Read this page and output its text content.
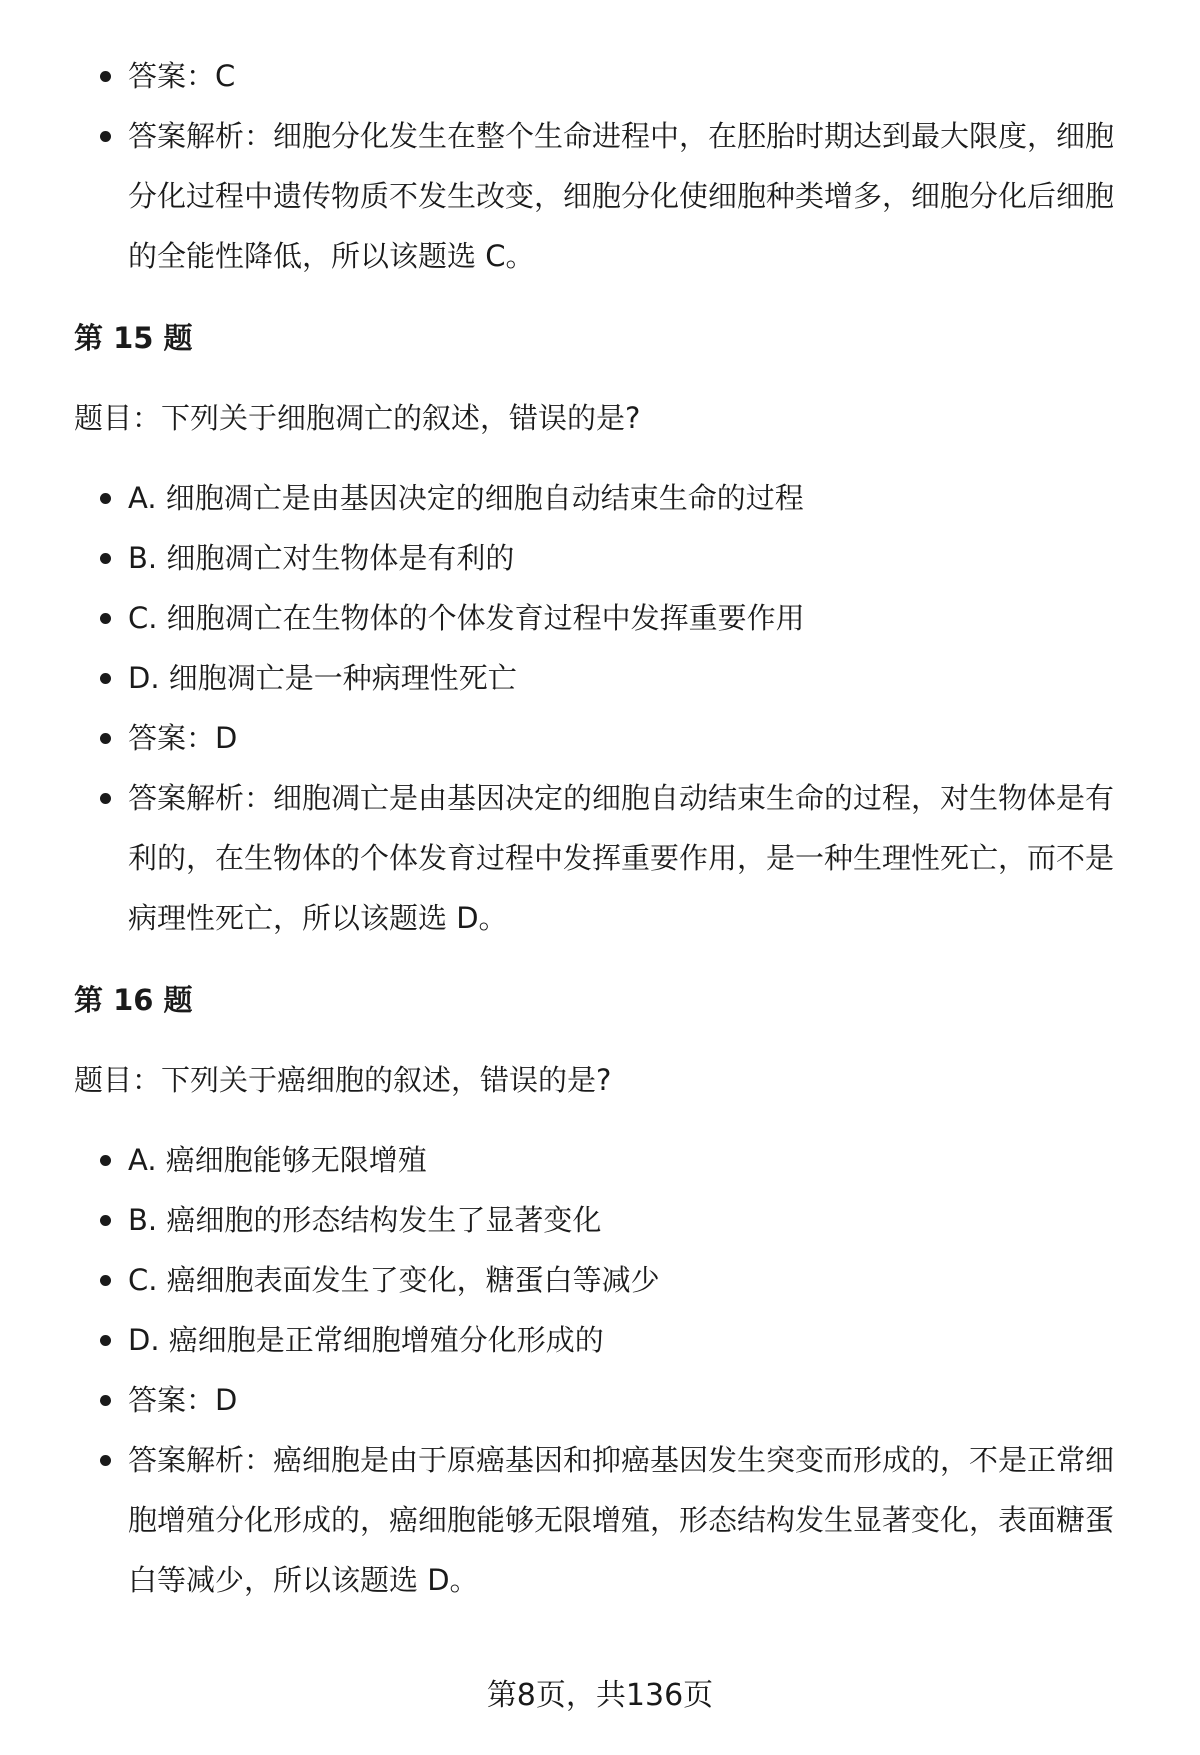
答案：C
答案解析：细胞分化发生在整个生命进程中，在胚胎时期达到最大限度，细胞分化过程中遗传物质不发生改变，细胞分化使细胞种类增多，细胞分化后细胞的全能性降低，所以该题选 C。
第 15 题
题目：下列关于细胞凋亡的叙述，错误的是?
A. 细胞凋亡是由基因决定的细胞自动结束生命的过程
B. 细胞凋亡对生物体是有利的
C. 细胞凋亡在生物体的个体发育过程中发挥重要作用
D. 细胞凋亡是一种病理性死亡
答案：D
答案解析：细胞凋亡是由基因决定的细胞自动结束生命的过程，对生物体是有利的，在生物体的个体发育过程中发挥重要作用，是一种生理性死亡，而不是病理性死亡，所以该题选 D。
第 16 题
题目：下列关于癌细胞的叙述，错误的是?
A. 癌细胞能够无限增殖
B. 癌细胞的形态结构发生了显著变化
C. 癌细胞表面发生了变化，糖蛋白等减少
D. 癌细胞是正常细胞增殖分化形成的
答案：D
答案解析：癌细胞是由于原癌基因和抑癌基因发生突变而形成的，不是正常细胞增殖分化形成的，癌细胞能够无限增殖，形态结构发生显著变化，表面糖蛋白等减少，所以该题选 D。
第8页，共136页
